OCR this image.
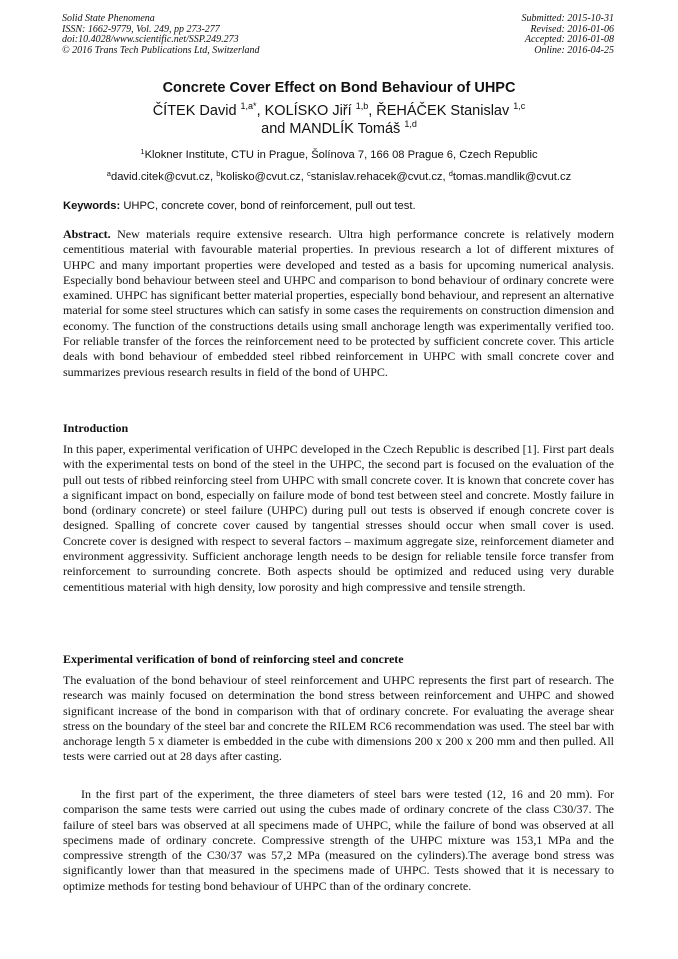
Solid State Phenomena
ISSN: 1662-9779, Vol. 249, pp 273-277
doi:10.4028/www.scientific.net/SSP.249.273
© 2016 Trans Tech Publications Ltd, Switzerland
Submitted: 2015-10-31
Revised: 2016-01-06
Accepted: 2016-01-08
Online: 2016-04-25
Concrete Cover Effect on Bond Behaviour of UHPC
ČÍTEK David $^{1,a*}$, KOLÍSKO Jiří $^{1,b}$, ŘEHÁČEK Stanislav $^{1,c}$
and MANDLÍK Tomáš $^{1,d}$
$^1$Klokner Institute, CTU in Prague, Šolínova 7, 166 08 Prague 6, Czech Republic
$^a$david.citek@cvut.cz, $^b$kolisko@cvut.cz, $^c$stanislav.rehacek@cvut.cz, $^d$tomas.mandlik@cvut.cz
Keywords: UHPC, concrete cover, bond of reinforcement, pull out test.

Abstract. New materials require extensive research. Ultra high performance concrete is relatively modern cementitious material with favourable material properties. In previous research a lot of different mixtures of UHPC and many important properties were developed and tested as a basis for upcoming numerical analysis. Especially bond behaviour between steel and UHPC and comparison to bond behaviour of ordinary concrete were examined. UHPC has significant better material properties, especially bond behaviour, and represent an alternative material for some steel structures which can satisfy in some cases the requirements on construction dimension and economy. The function of the constructions details using small anchorage length was experimentally verified too. For reliable transfer of the forces the reinforcement need to be protected by sufficient concrete cover. This article deals with bond behaviour of embedded steel ribbed reinforcement in UHPC with small concrete cover and summarizes previous research results in field of the bond of UHPC.

Introduction

In this paper, experimental verification of UHPC developed in the Czech Republic is described [1]. First part deals with the experimental tests on bond of the steel in the UHPC, the second part is focused on the evaluation of the pull out tests of ribbed reinforcing steel from UHPC with small concrete cover. It is known that concrete cover has a significant impact on bond, especially on failure mode of bond test between steel and concrete. Mostly failure in bond (ordinary concrete) or steel failure (UHPC) during pull out tests is observed if enough concrete cover is designed. Spalling of concrete cover caused by tangential stresses should occur when small cover is used. Concrete cover is designed with respect to several factors – maximum aggregate size, reinforcement diameter and environment aggressivity. Sufficient anchorage length needs to be design for reliable tensile force transfer from reinforcement to surrounding concrete. Both aspects should be optimized and reduced using very durable cementitious material with high density, low porosity and high compressive and tensile strength.

Experimental verification of bond of reinforcing steel and concrete

The evaluation of the bond behaviour of steel reinforcement and UHPC represents the first part of research. The research was mainly focused on determination the bond stress between reinforcement and UHPC and showed significant increase of the bond in comparison with that of ordinary concrete. For evaluating the average shear stress on the boundary of the steel bar and concrete the RILEM RC6 recommendation was used. The steel bar with anchorage length 5 x diameter is embedded in the cube with dimensions 200 x 200 x 200 mm and then pulled. All tests were carried out at 28 days after casting.

In the first part of the experiment, the three diameters of steel bars were tested (12, 16 and 20 mm). For comparison the same tests were carried out using the cubes made of ordinary concrete of the class C30/37. The failure of steel bars was observed at all specimens made of UHPC, while the failure of bond was observed at all specimens made of ordinary concrete. Compressive strength of the UHPC mixture was 153,1 MPa and the compressive strength of the C30/37 was 57,2 MPa (measured on the cylinders).The average bond stress was significantly lower than that measured in the specimens made of UHPC. Tests showed that it is necessary to optimize methods for testing bond behaviour of UHPC than of the ordinary concrete.
